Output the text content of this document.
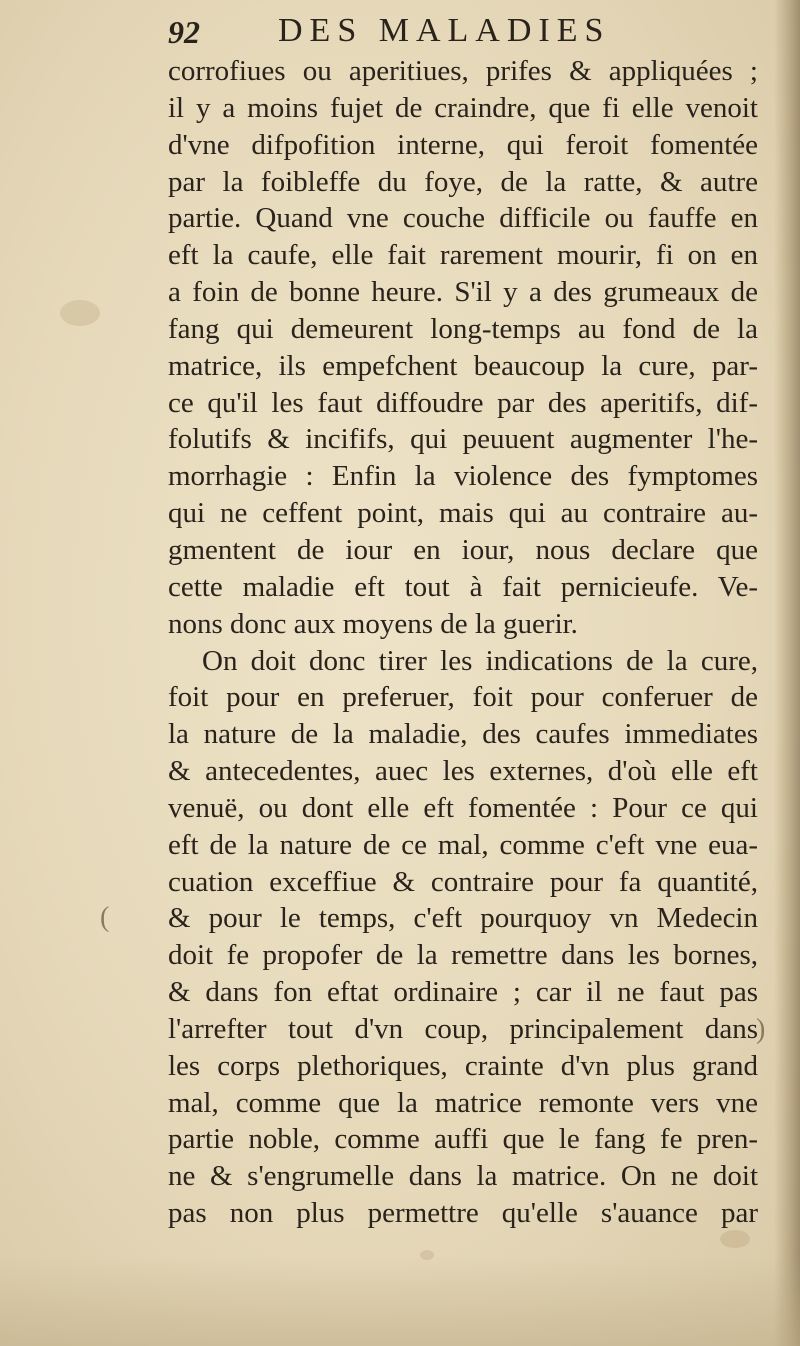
92 DES MALADIES
corrofiues ou aperitiues, prifes & appliquées ;
il y a moins fujet de craindre, que fi elle venoit
d'vne difpofition interne, qui feroit fomentée
par la foibleffe du foye, de la ratte, & autre
partie. Quand vne couche difficile ou fauffe en
eft la caufe, elle fait rarement mourir, fi on en
a foin de bonne heure. S'il y a des grumeaux de
fang qui demeurent long-temps au fond de la
matrice, ils empefchent beaucoup la cure, par-
ce qu'il les faut diffoudre par des aperitifs, dif-
folutifs & incififs, qui peuuent augmenter l'he-
morrhagie : Enfin la violence des fymptomes
qui ne ceffent point, mais qui au contraire au-
gmentent de iour en iour, nous declare que
cette maladie eft tout à fait pernicieufe. Ve-
nons donc aux moyens de la guerir.
On doit donc tirer les indications de la cure,
foit pour en preferuer, foit pour conferuer de
la nature de la maladie, des caufes immediates
& antecedentes, auec les externes, d'où elle eft
venuë, ou dont elle eft fomentée : Pour ce qui
eft de la nature de ce mal, comme c'eft vne eua-
cuation exceffiue & contraire pour fa quantité,
& pour le temps, c'eft pourquoy vn Medecin
doit fe propofer de la remettre dans les bornes,
& dans fon eftat ordinaire ; car il ne faut pas
l'arrefter tout d'vn coup, principalement dans
les corps plethoriques, crainte d'vn plus grand
mal, comme que la matrice remonte vers vne
partie noble, comme auffi que le fang fe pren-
ne & s'engrumelle dans la matrice. On ne doit
pas non plus permettre qu'elle s'auance par
(
)
